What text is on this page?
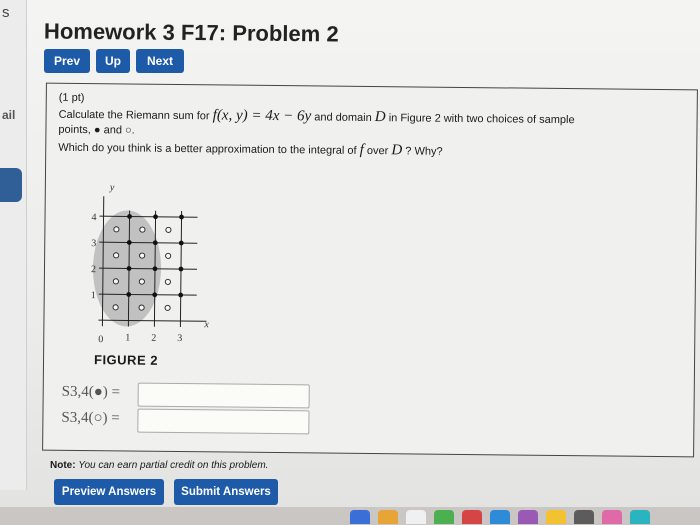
s
ail
Homework 3 F17: Problem 2
Prev	Up	Next
(1 pt)
Calculate the Riemann sum for f(x, y) = 4x − 6y and domain D in Figure 2 with two choices of sample
points, ● and ○.
Which do you think is a better approximation to the integral of f over D ? Why?
y
x
4
3
2
1
0 1 2 3
FIGURE 2
S3,4(●) =
S3,4(○) =
Note: You can earn partial credit on this problem.
Preview Answers	Submit Answers
